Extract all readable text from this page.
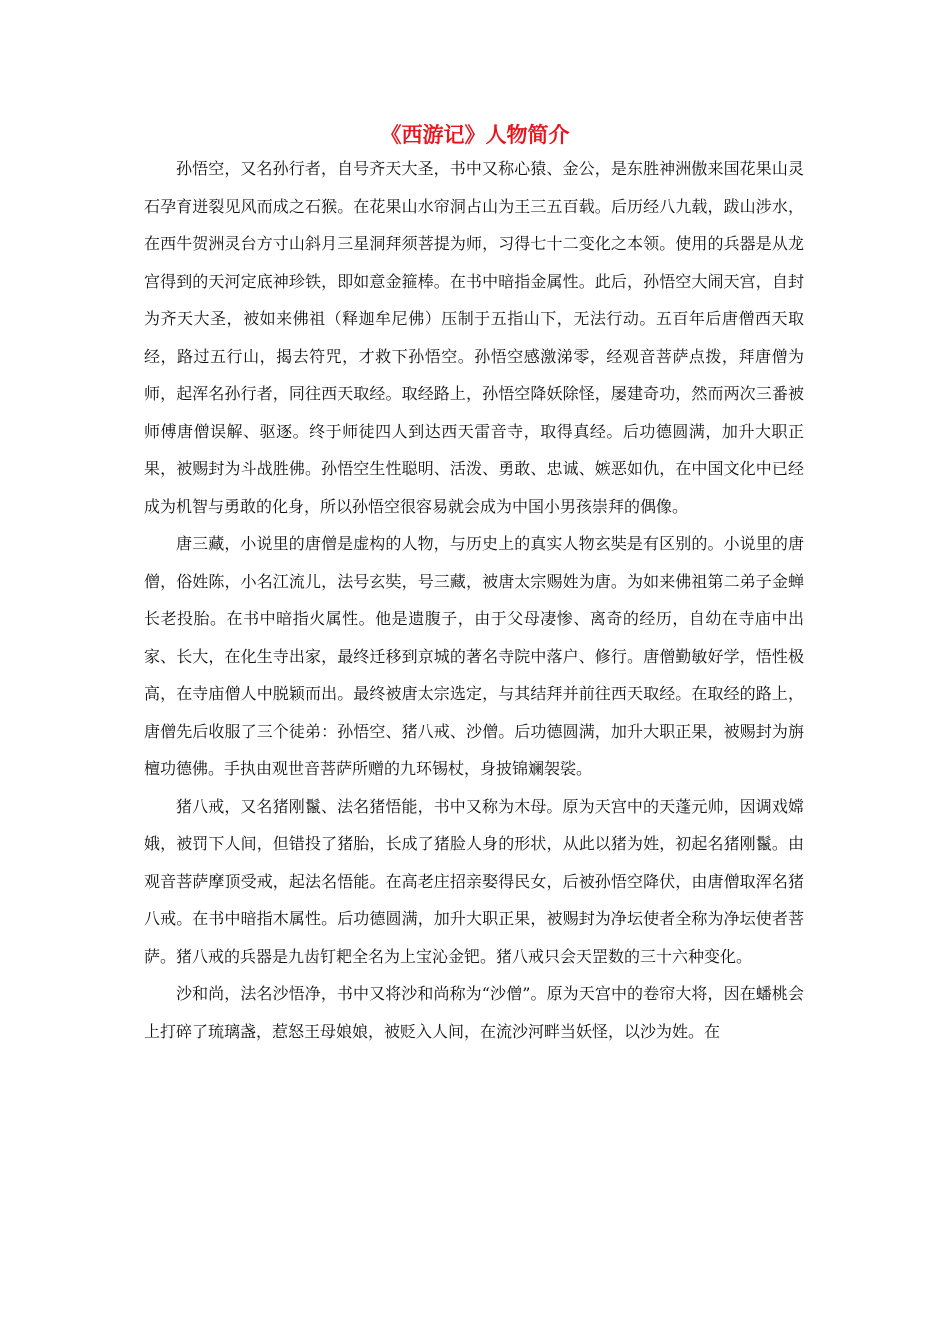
《西游记》人物简介

孙悟空，又名孙行者，自号齐天大圣，书中又称心猿、金公，是东胜神洲傲来国花果山灵石孕育迸裂见风而成之石猴。在花果山水帘洞占山为王三五百载。后历经八九载，跋山涉水，在西牛贺洲灵台方寸山斜月三星洞拜须菩提为师，习得七十二变化之本领。使用的兵器是从龙宫得到的天河定底神珍铁，即如意金箍棒。在书中暗指金属性。此后，孙悟空大闹天宫，自封为齐天大圣，被如来佛祖（释迦牟尼佛）压制于五指山下，无法行动。五百年后唐僧西天取经，路过五行山，揭去符咒，才救下孙悟空。孙悟空感激涕零，经观音菩萨点拨，拜唐僧为师，起浑名孙行者，同往西天取经。取经路上，孙悟空降妖除怪，屡建奇功，然而两次三番被师傅唐僧误解、驱逐。终于师徒四人到达西天雷音寺，取得真经。后功德圆满，加升大职正果，被赐封为斗战胜佛。孙悟空生性聪明、活泼、勇敢、忠诚、嫉恶如仇，在中国文化中已经成为机智与勇敢的化身，所以孙悟空很容易就会成为中国小男孩崇拜的偶像。

唐三藏，小说里的唐僧是虚构的人物，与历史上的真实人物玄奘是有区别的。小说里的唐僧，俗姓陈，小名江流儿，法号玄奘，号三藏，被唐太宗赐姓为唐。为如来佛祖第二弟子金蝉长老投胎。在书中暗指火属性。他是遗腹子，由于父母凄惨、离奇的经历，自幼在寺庙中出家、长大，在化生寺出家，最终迁移到京城的著名寺院中落户、修行。唐僧勤敏好学，悟性极高，在寺庙僧人中脱颖而出。最终被唐太宗选定，与其结拜并前往西天取经。在取经的路上，唐僧先后收服了三个徒弟：孙悟空、猪八戒、沙僧。后功德圆满，加升大职正果，被赐封为旃檀功德佛。手执由观世音菩萨所赠的九环锡杖，身披锦斓袈裟。

猪八戒，又名猪刚鬣、法名猪悟能，书中又称为木母。原为天宫中的天蓬元帅，因调戏嫦娥，被罚下人间，但错投了猪胎，长成了猪脸人身的形状，从此以猪为姓，初起名猪刚鬣。由观音菩萨摩顶受戒，起法名悟能。在高老庄招亲娶得民女，后被孙悟空降伏，由唐僧取浑名猪八戒。在书中暗指木属性。后功德圆满，加升大职正果，被赐封为净坛使者全称为净坛使者菩萨。猪八戒的兵器是九齿钉耙全名为上宝沁金钯。猪八戒只会天罡数的三十六种变化。

沙和尚，法名沙悟净，书中又将沙和尚称为“沙僧”。原为天宫中的卷帘大将，因在蟠桃会上打碎了琉璃盏，惹怒王母娘娘，被贬入人间，在流沙河畔当妖怪，以沙为姓。在
